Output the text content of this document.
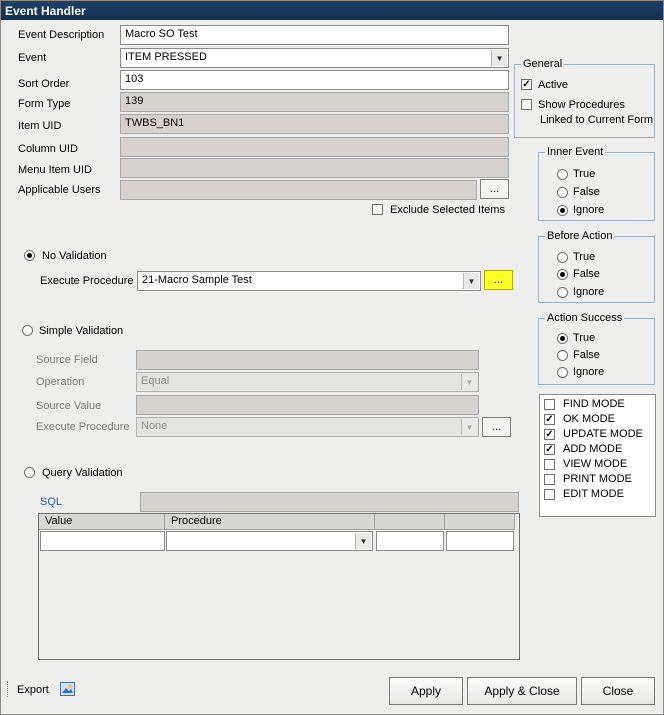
Event Handler
Event Description	Macro SO Test
Event	ITEM PRESSED	▼
Sort Order	103
Form Type	139
Item UID	TWBS_BN1
Column UID
Menu Item UID
Applicable Users	...
Exclude Selected Items
General
✓ Active
Show Procedures
Linked to Current Form
Inner Event
True
False
Ignore
Before Action
True
False
Ignore
Action Success
True
False
Ignore
FIND MODE
✓ OK MODE
✓ UPDATE MODE
✓ ADD MODE
VIEW MODE
PRINT MODE
EDIT MODE
No Validation
Execute Procedure 21-Macro Sample Test	▼	...
Simple Validation
Source Field
Operation	Equal	▼
Source Value
Execute Procedure	None	▼	...
Query Validation
SQL
Value	Procedure
▼
Export	Apply	Apply & Close	Close
